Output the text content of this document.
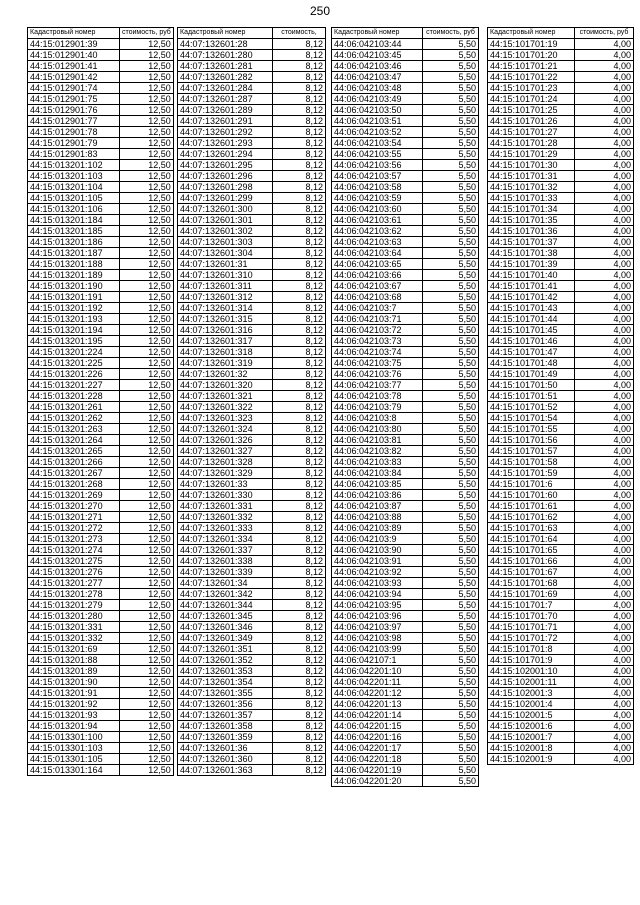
250
Кадастровый номер	стоимость, руб
44:15:012901:39	12,50
44:15:012901:40	12,50
44:15:012901:41	12,50
44:15:012901:42	12,50
44:15:012901:74	12,50
44:15:012901:75	12,50
44:15:012901:76	12,50
44:15:012901:77	12,50
44:15:012901:78	12,50
44:15:012901:79	12,50
44:15:012901:83	12,50
44:15:013201:102	12,50
44:15:013201:103	12,50
44:15:013201:104	12,50
44:15:013201:105	12,50
44:15:013201:106	12,50
44:15:013201:184	12,50
44:15:013201:185	12,50
44:15:013201:186	12,50
44:15:013201:187	12,50
44:15:013201:188	12,50
44:15:013201:189	12,50
44:15:013201:190	12,50
44:15:013201:191	12,50
44:15:013201:192	12,50
44:15:013201:193	12,50
44:15:013201:194	12,50
44:15:013201:195	12,50
44:15:013201:224	12,50
44:15:013201:225	12,50
44:15:013201:226	12,50
44:15:013201:227	12,50
44:15:013201:228	12,50
44:15:013201:261	12,50
44:15:013201:262	12,50
44:15:013201:263	12,50
44:15:013201:264	12,50
44:15:013201:265	12,50
44:15:013201:266	12,50
44:15:013201:267	12,50
44:15:013201:268	12,50
44:15:013201:269	12,50
44:15:013201:270	12,50
44:15:013201:271	12,50
44:15:013201:272	12,50
44:15:013201:273	12,50
44:15:013201:274	12,50
44:15:013201:275	12,50
44:15:013201:276	12,50
44:15:013201:277	12,50
44:15:013201:278	12,50
44:15:013201:279	12,50
44:15:013201:280	12,50
44:15:013201:331	12,50
44:15:013201:332	12,50
44:15:013201:69	12,50
44:15:013201:88	12,50
44:15:013201:89	12,50
44:15:013201:90	12,50
44:15:013201:91	12,50
44:15:013201:92	12,50
44:15:013201:93	12,50
44:15:013201:94	12,50
44:15:013301:100	12,50
44:15:013301:103	12,50
44:15:013301:105	12,50
44:15:013301:164	12,50
Кадастровый номер	стоимость,
44:07:132601:28	8,12
44:07:132601:280	8,12
44:07:132601:281	8,12
44:07:132601:282	8,12
44:07:132601:284	8,12
44:07:132601:287	8,12
44:07:132601:289	8,12
44:07:132601:291	8,12
44:07:132601:292	8,12
44:07:132601:293	8,12
44:07:132601:294	8,12
44:07:132601:295	8,12
44:07:132601:296	8,12
44:07:132601:298	8,12
44:07:132601:299	8,12
44:07:132601:300	8,12
44:07:132601:301	8,12
44:07:132601:302	8,12
44:07:132601:303	8,12
44:07:132601:304	8,12
44:07:132601:31	8,12
44:07:132601:310	8,12
44:07:132601:311	8,12
44:07:132601:312	8,12
44:07:132601:314	8,12
44:07:132601:315	8,12
44:07:132601:316	8,12
44:07:132601:317	8,12
44:07:132601:318	8,12
44:07:132601:319	8,12
44:07:132601:32	8,12
44:07:132601:320	8,12
44:07:132601:321	8,12
44:07:132601:322	8,12
44:07:132601:323	8,12
44:07:132601:324	8,12
44:07:132601:326	8,12
44:07:132601:327	8,12
44:07:132601:328	8,12
44:07:132601:329	8,12
44:07:132601:33	8,12
44:07:132601:330	8,12
44:07:132601:331	8,12
44:07:132601:332	8,12
44:07:132601:333	8,12
44:07:132601:334	8,12
44:07:132601:337	8,12
44:07:132601:338	8,12
44:07:132601:339	8,12
44:07:132601:34	8,12
44:07:132601:342	8,12
44:07:132601:344	8,12
44:07:132601:345	8,12
44:07:132601:346	8,12
44:07:132601:349	8,12
44:07:132601:351	8,12
44:07:132601:352	8,12
44:07:132601:353	8,12
44:07:132601:354	8,12
44:07:132601:355	8,12
44:07:132601:356	8,12
44:07:132601:357	8,12
44:07:132601:358	8,12
44:07:132601:359	8,12
44:07:132601:36	8,12
44:07:132601:360	8,12
44:07:132601:363	8,12
Кадастровый номер	стоимость, руб
44:06:042103:44	5,50
44:06:042103:45	5,50
44:06:042103:46	5,50
44:06:042103:47	5,50
44:06:042103:48	5,50
44:06:042103:49	5,50
44:06:042103:50	5,50
44:06:042103:51	5,50
44:06:042103:52	5,50
44:06:042103:54	5,50
44:06:042103:55	5,50
44:06:042103:56	5,50
44:06:042103:57	5,50
44:06:042103:58	5,50
44:06:042103:59	5,50
44:06:042103:60	5,50
44:06:042103:61	5,50
44:06:042103:62	5,50
44:06:042103:63	5,50
44:06:042103:64	5,50
44:06:042103:65	5,50
44:06:042103:66	5,50
44:06:042103:67	5,50
44:06:042103:68	5,50
44:06:042103:7	5,50
44:06:042103:71	5,50
44:06:042103:72	5,50
44:06:042103:73	5,50
44:06:042103:74	5,50
44:06:042103:75	5,50
44:06:042103:76	5,50
44:06:042103:77	5,50
44:06:042103:78	5,50
44:06:042103:79	5,50
44:06:042103:8	5,50
44:06:042103:80	5,50
44:06:042103:81	5,50
44:06:042103:82	5,50
44:06:042103:83	5,50
44:06:042103:84	5,50
44:06:042103:85	5,50
44:06:042103:86	5,50
44:06:042103:87	5,50
44:06:042103:88	5,50
44:06:042103:89	5,50
44:06:042103:9	5,50
44:06:042103:90	5,50
44:06:042103:91	5,50
44:06:042103:92	5,50
44:06:042103:93	5,50
44:06:042103:94	5,50
44:06:042103:95	5,50
44:06:042103:96	5,50
44:06:042103:97	5,50
44:06:042103:98	5,50
44:06:042103:99	5,50
44:06:042107:1	5,50
44:06:042201:10	5,50
44:06:042201:11	5,50
44:06:042201:12	5,50
44:06:042201:13	5,50
44:06:042201:14	5,50
44:06:042201:15	5,50
44:06:042201:16	5,50
44:06:042201:17	5,50
44:06:042201:18	5,50
44:06:042201:19	5,50
44:06:042201:20	5,50
Кадастровый номер	стоимость, руб
44:15:101701:19	4,00
44:15:101701:20	4,00
44:15:101701:21	4,00
44:15:101701:22	4,00
44:15:101701:23	4,00
44:15:101701:24	4,00
44:15:101701:25	4,00
44:15:101701:26	4,00
44:15:101701:27	4,00
44:15:101701:28	4,00
44:15:101701:29	4,00
44:15:101701:30	4,00
44:15:101701:31	4,00
44:15:101701:32	4,00
44:15:101701:33	4,00
44:15:101701:34	4,00
44:15:101701:35	4,00
44:15:101701:36	4,00
44:15:101701:37	4,00
44:15:101701:38	4,00
44:15:101701:39	4,00
44:15:101701:40	4,00
44:15:101701:41	4,00
44:15:101701:42	4,00
44:15:101701:43	4,00
44:15:101701:44	4,00
44:15:101701:45	4,00
44:15:101701:46	4,00
44:15:101701:47	4,00
44:15:101701:48	4,00
44:15:101701:49	4,00
44:15:101701:50	4,00
44:15:101701:51	4,00
44:15:101701:52	4,00
44:15:101701:54	4,00
44:15:101701:55	4,00
44:15:101701:56	4,00
44:15:101701:57	4,00
44:15:101701:58	4,00
44:15:101701:59	4,00
44:15:101701:6	4,00
44:15:101701:60	4,00
44:15:101701:61	4,00
44:15:101701:62	4,00
44:15:101701:63	4,00
44:15:101701:64	4,00
44:15:101701:65	4,00
44:15:101701:66	4,00
44:15:101701:67	4,00
44:15:101701:68	4,00
44:15:101701:69	4,00
44:15:101701:7	4,00
44:15:101701:70	4,00
44:15:101701:71	4,00
44:15:101701:72	4,00
44:15:101701:8	4,00
44:15:101701:9	4,00
44:15:102001:10	4,00
44:15:102001:11	4,00
44:15:102001:3	4,00
44:15:102001:4	4,00
44:15:102001:5	4,00
44:15:102001:6	4,00
44:15:102001:7	4,00
44:15:102001:8	4,00
44:15:102001:9	4,00
